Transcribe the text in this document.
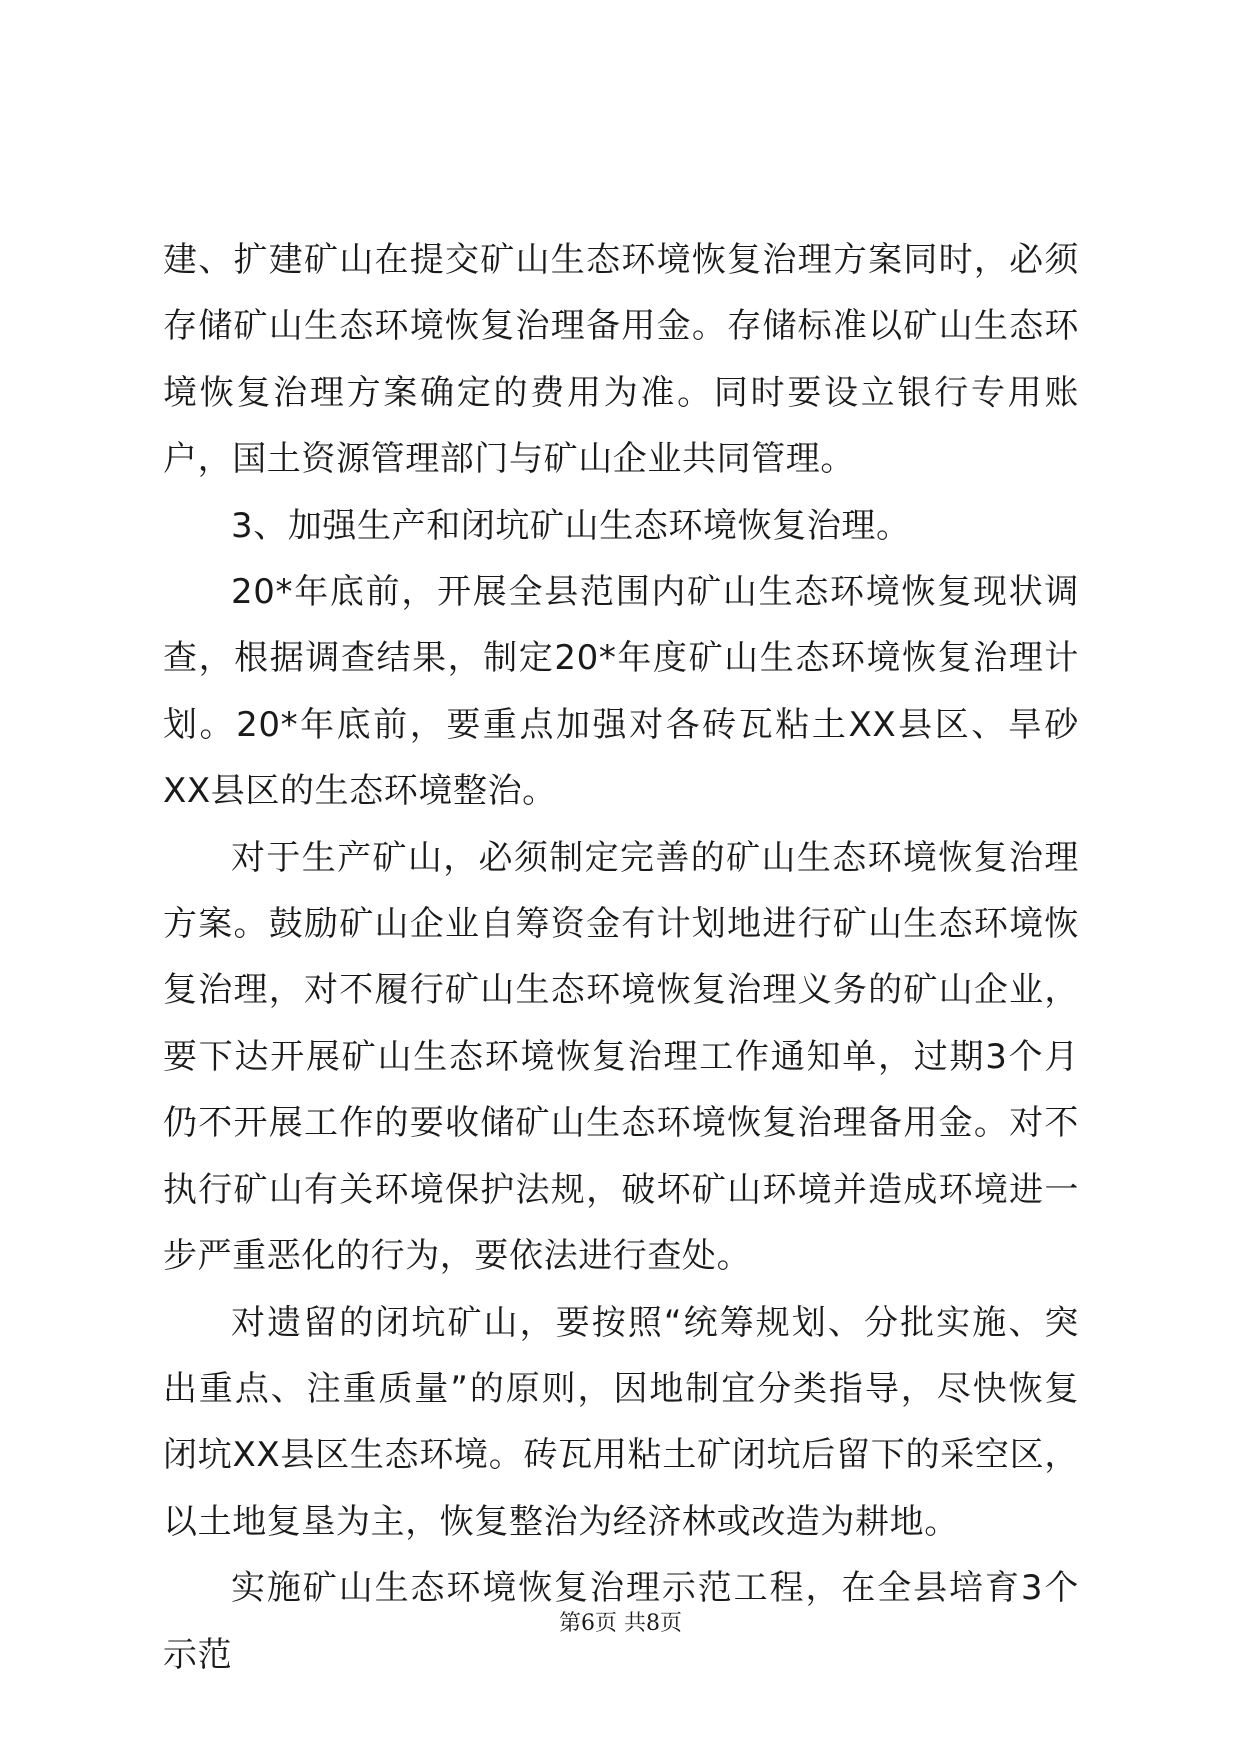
建、扩建矿山在提交矿山生态环境恢复治理方案同时，必须存储矿山生态环境恢复治理备用金。存储标准以矿山生态环境恢复治理方案确定的费用为准。同时要设立银行专用账户，国土资源管理部门与矿山企业共同管理。

3、加强生产和闭坑矿山生态环境恢复治理。

20*年底前，开展全县范围内矿山生态环境恢复现状调查，根据调查结果，制定20*年度矿山生态环境恢复治理计划。20*年底前，要重点加强对各砖瓦粘土XX县区、旱砂XX县区的生态环境整治。

对于生产矿山，必须制定完善的矿山生态环境恢复治理方案。鼓励矿山企业自筹资金有计划地进行矿山生态环境恢复治理，对不履行矿山生态环境恢复治理义务的矿山企业，要下达开展矿山生态环境恢复治理工作通知单，过期3个月仍不开展工作的要收储矿山生态环境恢复治理备用金。对不执行矿山有关环境保护法规，破坏矿山环境并造成环境进一步严重恶化的行为，要依法进行查处。

对遗留的闭坑矿山，要按照“统筹规划、分批实施、突出重点、注重质量”的原则，因地制宜分类指导，尽快恢复闭坑XX县区生态环境。砖瓦用粘土矿闭坑后留下的采空区，以土地复垦为主，恢复整治为经济林或改造为耕地。

实施矿山生态环境恢复治理示范工程，在全县培育3个示范

第6页 共8页
